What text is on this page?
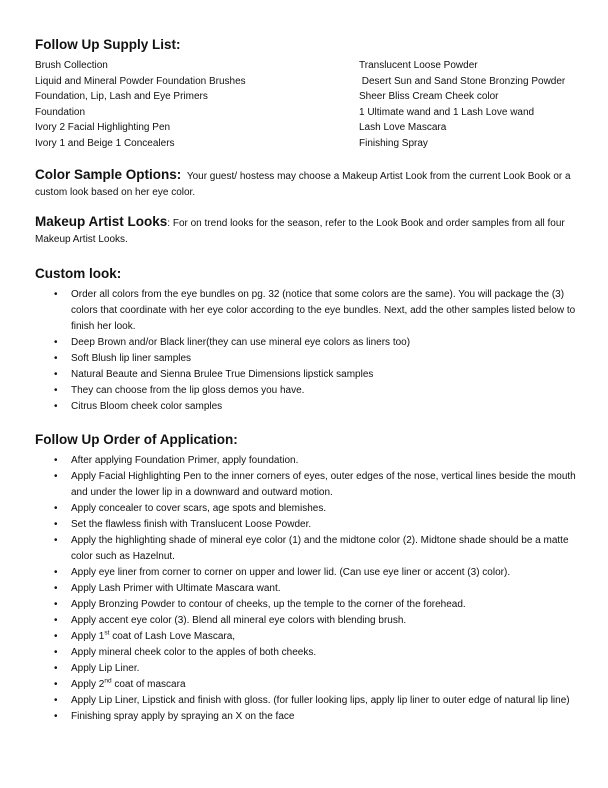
Follow Up Supply List:
Brush Collection
Liquid and Mineral Powder Foundation Brushes
Foundation, Lip, Lash and Eye Primers
Foundation
Ivory 2 Facial Highlighting Pen
Ivory 1 and Beige 1 Concealers
Translucent Loose Powder
Desert Sun and Sand Stone Bronzing Powder
Sheer Bliss Cream Cheek color
1 Ultimate wand and 1 Lash Love wand
Lash Love Mascara
Finishing Spray

Color Sample Options: Your guest/ hostess may choose a Makeup Artist Look from the current Look Book or a custom look based on her eye color.

Makeup Artist Looks: For on trend looks for the season, refer to the Look Book and order samples from all four Makeup Artist Looks.

Custom look:
• Order all colors from the eye bundles on pg. 32 (notice that some colors are the same). You will package the (3) colors that coordinate with her eye color according to the eye bundles. Next, add the other samples listed below to finish her look.
• Deep Brown and/or Black liner(they can use mineral eye colors as liners too)
• Soft Blush lip liner samples
• Natural Beaute and Sienna Brulee True Dimensions lipstick samples
• They can choose from the lip gloss demos you have.
• Citrus Bloom cheek color samples
Follow Up Order of Application:
• After applying Foundation Primer, apply foundation.
• Apply Facial Highlighting Pen to the inner corners of eyes, outer edges of the nose, vertical lines beside the mouth and under the lower lip in a downward and outward motion.
• Apply concealer to cover scars, age spots and blemishes.
• Set the flawless finish with Translucent Loose Powder.
• Apply the highlighting shade of mineral eye color (1) and the midtone color (2). Midtone shade should be a matte color such as Hazelnut.
• Apply eye liner from corner to corner on upper and lower lid. (Can use eye liner or accent (3) color).
• Apply Lash Primer with Ultimate Mascara want.
• Apply Bronzing Powder to contour of cheeks, up the temple to the corner of the forehead.
• Apply accent eye color (3). Blend all mineral eye colors with blending brush.
• Apply 1st coat of Lash Love Mascara,
• Apply mineral cheek color to the apples of both cheeks.
• Apply Lip Liner.
• Apply 2nd coat of mascara
• Apply Lip Liner, Lipstick and finish with gloss. (for fuller looking lips, apply lip liner to outer edge of natural lip line)
• Finishing spray apply by spraying an X on the face
